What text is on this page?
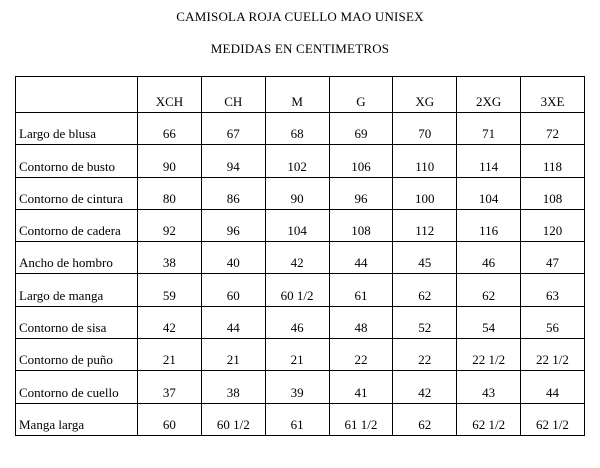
CAMISOLA ROJA CUELLO MAO UNISEX
MEDIDAS EN CENTIMETROS
	XCH	CH	M	G	XG	2XG	3XE
Largo de blusa	66	67	68	69	70	71	72
Contorno de busto	90	94	102	106	110	114	118
Contorno de cintura	80	86	90	96	100	104	108
Contorno de cadera	92	96	104	108	112	116	120
Ancho de hombro	38	40	42	44	45	46	47
Largo de manga	59	60	60 1/2	61	62	62	63
Contorno de sisa	42	44	46	48	52	54	56
Contorno de puño	21	21	21	22	22	22 1/2	22 1/2
Contorno de cuello	37	38	39	41	42	43	44
Manga larga	60	60 1/2	61	61 1/2	62	62 1/2	62 1/2
